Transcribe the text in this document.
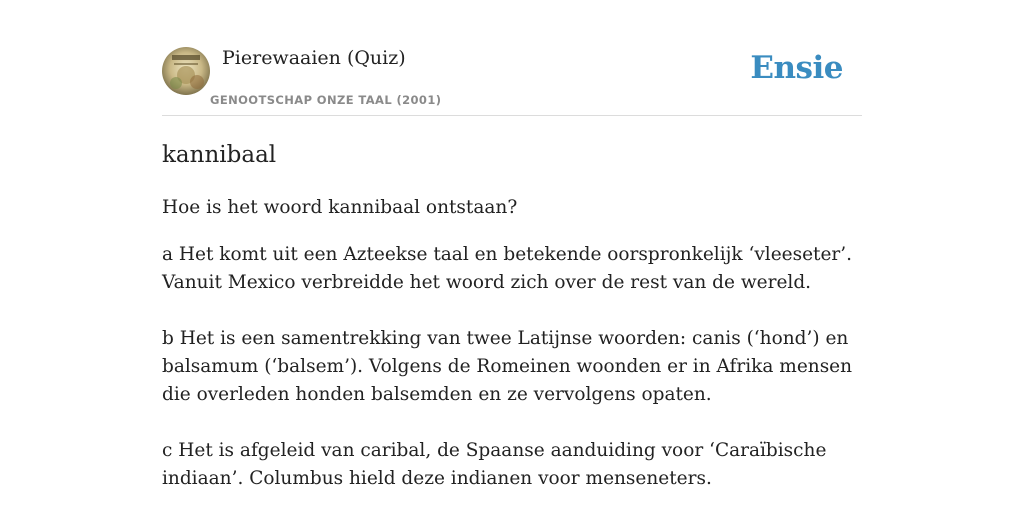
Pierewaaien (Quiz)
GENOOTSCHAP ONZE TAAL (2001)
Ensie
kannibaal

Hoe is het woord kannibaal ontstaan?

a Het komt uit een Azteekse taal en betekende oorspronkelijk ‘vleeseter’. Vanuit Mexico verbreidde het woord zich over de rest van de wereld.

b Het is een samentrekking van twee Latijnse woorden: canis (‘hond’) en balsamum (‘balsem’). Volgens de Romeinen woonden er in Afrika mensen die overleden honden balsemden en ze vervolgens opaten.

c Het is afgeleid van caribal, de Spaanse aanduiding voor ‘Caraïbische indiaan’. Columbus hield deze indianen voor menseneters.
